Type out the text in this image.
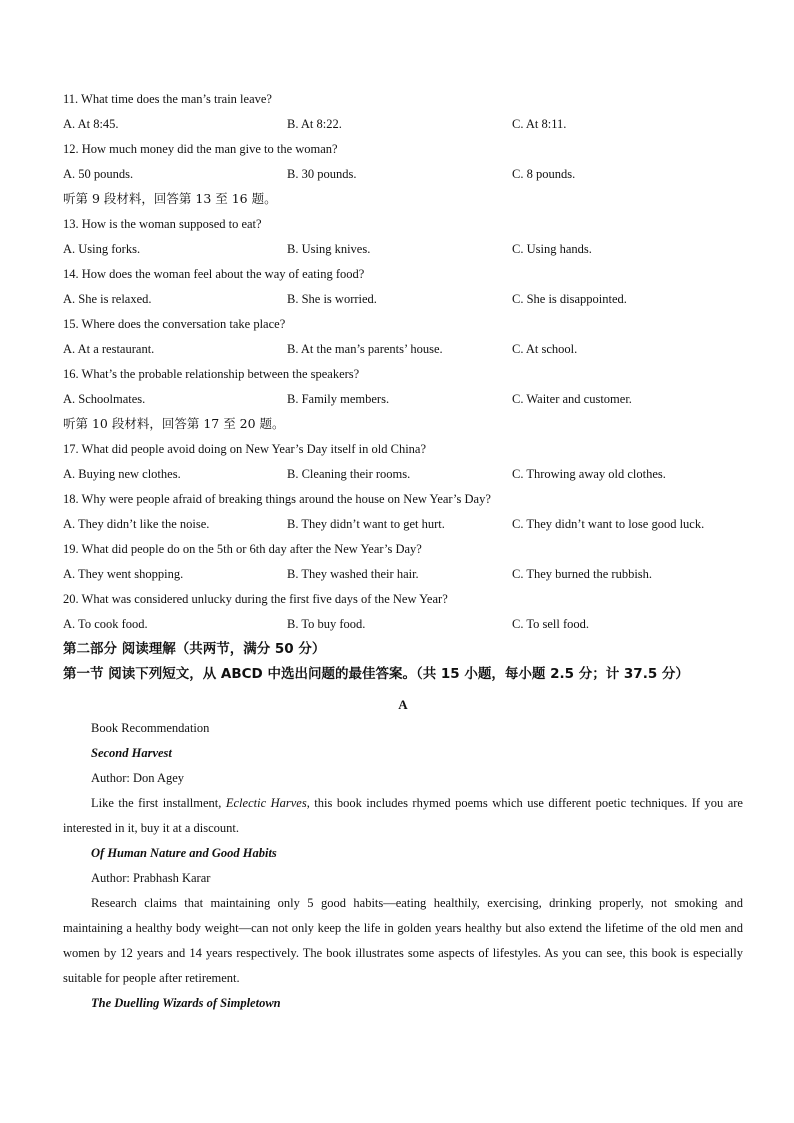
11. What time does the man’s train leave?
A. At 8:45.	B. At 8:22.	C. At 8:11.
12. How much money did the man give to the woman?
A. 50 pounds.	B. 30 pounds.	C. 8 pounds.
听第 9 段材料，回答第 13 至 16 题。
13. How is the woman supposed to eat?
A. Using forks.	B. Using knives.	C. Using hands.
14. How does the woman feel about the way of eating food?
A. She is relaxed.	B. She is worried.	C. She is disappointed.
15. Where does the conversation take place?
A. At a restaurant.	B. At the man’s parents’ house.	C. At school.
16. What’s the probable relationship between the speakers?
A. Schoolmates.	B. Family members.	C. Waiter and customer.
听第 10 段材料，回答第 17 至 20 题。
17. What did people avoid doing on New Year’s Day itself in old China?
A. Buying new clothes.	B. Cleaning their rooms.	C. Throwing away old clothes.
18. Why were people afraid of breaking things around the house on New Year’s Day?
A. They didn’t like the noise.	B. They didn’t want to get hurt.	C. They didn’t want to lose good luck.
19. What did people do on the 5th or 6th day after the New Year’s Day?
A. They went shopping.	B. They washed their hair.	C. They burned the rubbish.
20. What was considered unlucky during the first five days of the New Year?
A. To cook food.	B. To buy food.	C. To sell food.
第二部分 阅读理解（共两节，满分 50 分）
第一节 阅读下列短文，从 ABCD 中选出问题的最佳答案。（共 15 小题，每小题 2.5 分；计 37.5 分）
A
Book Recommendation
Second Harvest
Author: Don Agey

Like the first installment, Eclectic Harves, this book includes rhymed poems which use different poetic techniques. If you are interested in it, buy it at a discount.

Of Human Nature and Good Habits
Author: Prabhash Karar

Research claims that maintaining only 5 good habits—eating healthily, exercising, drinking properly, not smoking and maintaining a healthy body weight—can not only keep the life in golden years healthy but also extend the lifetime of the old men and women by 12 years and 14 years respectively. The book illustrates some aspects of lifestyles. As you can see, this book is especially suitable for people after retirement.

The Duelling Wizards of Simpletown
